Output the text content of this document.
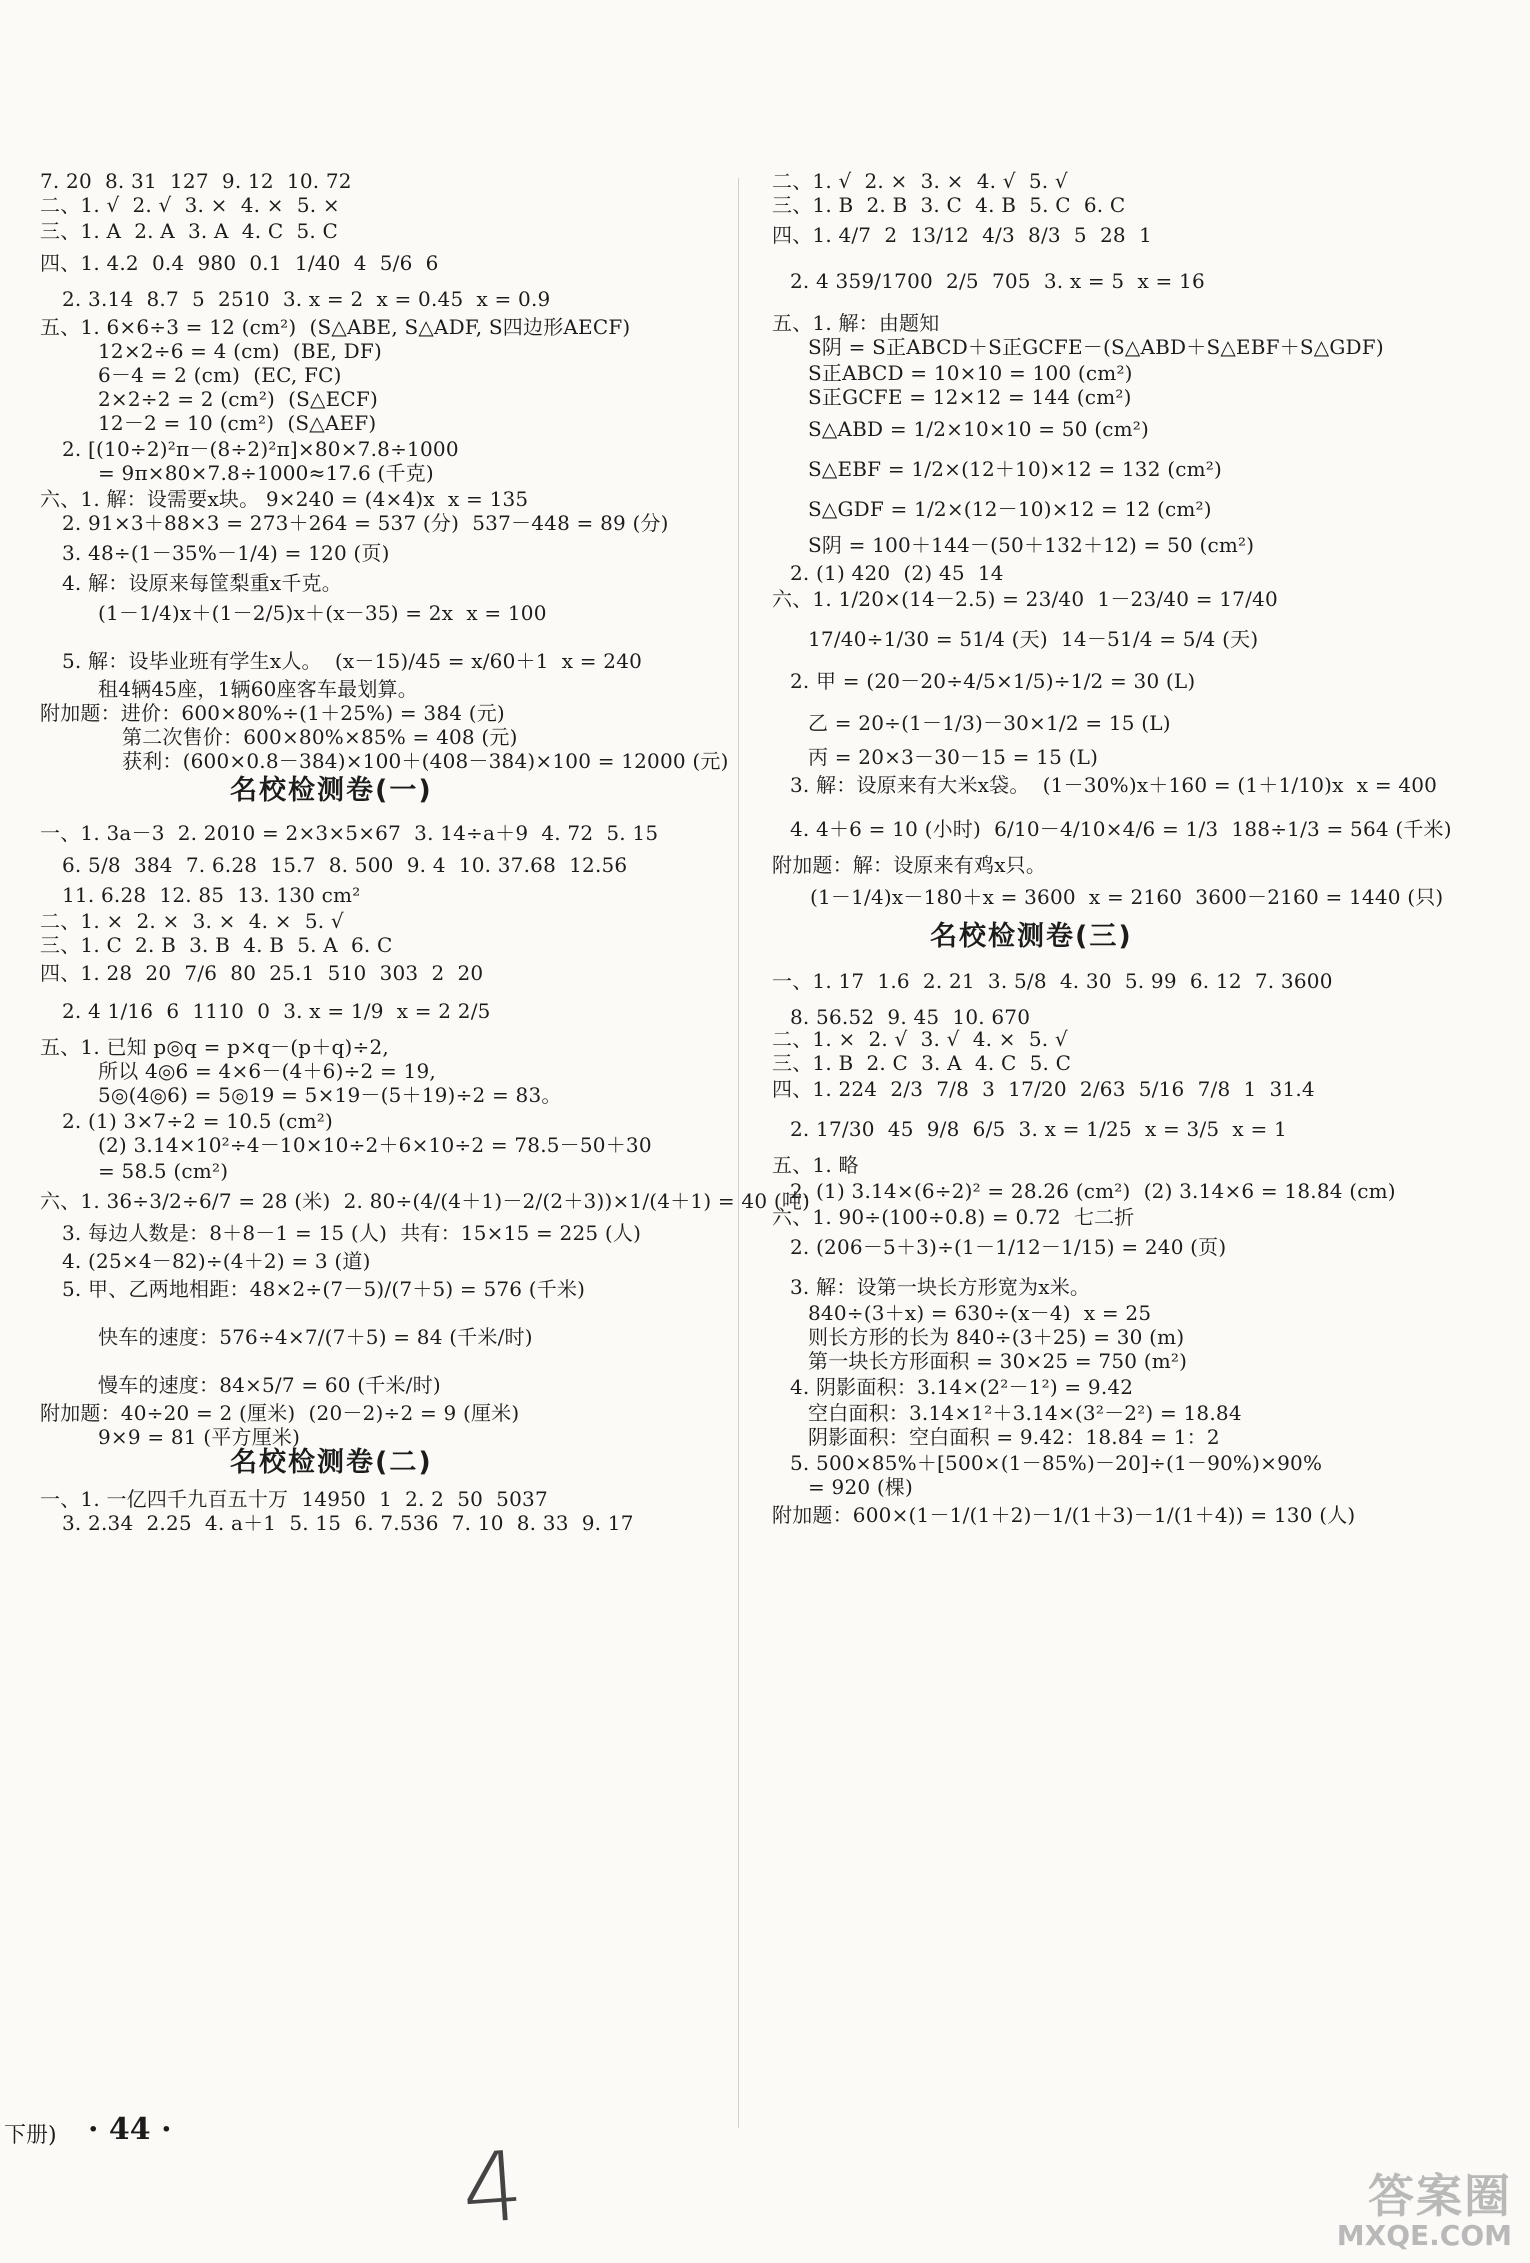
7. 20  8. 31  127  9. 12  10. 72
二、1. √  2. √  3. ×  4. ×  5. ×
三、1. A  2. A  3. A  4. C  5. C
四、1. 4.2  0.4  980  0.1  1/40  4  5/6  6
2. 3.14  8.7  5  2510  3. x = 2  x = 0.45  x = 0.9
五、1. 6×6÷3 = 12 (cm²)  (S△ABE, S△ADF, S四边形AECF)
12×2÷6 = 4 (cm)  (BE, DF)
6－4 = 2 (cm)  (EC, FC)
2×2÷2 = 2 (cm²)  (S△ECF)
12－2 = 10 (cm²)  (S△AEF)
2. [(10÷2)²π－(8÷2)²π]×80×7.8÷1000
= 9π×80×7.8÷1000≈17.6 (千克)
六、1. 解：设需要x块。 9×240 = (4×4)x  x = 135
2. 91×3＋88×3 = 273＋264 = 537 (分)  537－448 = 89 (分)
3. 48÷(1－35%－1/4) = 120 (页)
4. 解：设原来每筐梨重x千克。
(1－1/4)x＋(1－2/5)x＋(x－35) = 2x  x = 100
5. 解：设毕业班有学生x人。  (x－15)/45 = x/60＋1  x = 240
租4辆45座，1辆60座客车最划算。
附加题：进价：600×80%÷(1＋25%) = 384 (元)
第二次售价：600×80%×85% = 408 (元)
获利：(600×0.8－384)×100＋(408－384)×100 = 12000 (元)
名校检测卷(一)
一、1. 3a－3  2. 2010 = 2×3×5×67  3. 14÷a＋9  4. 72  5. 15
6. 5/8  384  7. 6.28  15.7  8. 500  9. 4  10. 37.68  12.56
11. 6.28  12. 85  13. 130 cm²
二、1. ×  2. ×  3. ×  4. ×  5. √
三、1. C  2. B  3. B  4. B  5. A  6. C
四、1. 28  20  7/6  80  25.1  510  303  2  20
2. 4 1/16  6  1110  0  3. x = 1/9  x = 2 2/5
五、1. 已知 p◎q = p×q－(p＋q)÷2,
所以 4◎6 = 4×6－(4＋6)÷2 = 19,
5◎(4◎6) = 5◎19 = 5×19－(5＋19)÷2 = 83。
2. (1) 3×7÷2 = 10.5 (cm²)
(2) 3.14×10²÷4－10×10÷2＋6×10÷2 = 78.5－50＋30
= 58.5 (cm²)
六、1. 36÷3/2÷6/7 = 28 (米)  2. 80÷(4/(4＋1)－2/(2＋3))×1/(4＋1) = 40 (吨)
3. 每边人数是：8＋8－1 = 15 (人)  共有：15×15 = 225 (人)
4. (25×4－82)÷(4＋2) = 3 (道)
5. 甲、乙两地相距：48×2÷(7－5)/(7＋5) = 576 (千米)
快车的速度：576÷4×7/(7＋5) = 84 (千米/时)
慢车的速度：84×5/7 = 60 (千米/时)
附加题：40÷20 = 2 (厘米)  (20－2)÷2 = 9 (厘米)
9×9 = 81 (平方厘米)
名校检测卷(二)
一、1. 一亿四千九百五十万  14950  1  2. 2  50  5037
3. 2.34  2.25  4. a＋1  5. 15  6. 7.536  7. 10  8. 33  9. 17
二、1. √  2. ×  3. ×  4. √  5. √
三、1. B  2. B  3. C  4. B  5. C  6. C
四、1. 4/7  2  13/12  4/3  8/3  5  28  1
2. 4 359/1700  2/5  705  3. x = 5  x = 16
五、1. 解：由题知
S阴 = S正ABCD＋S正GCFE－(S△ABD＋S△EBF＋S△GDF)
S正ABCD = 10×10 = 100 (cm²)
S正GCFE = 12×12 = 144 (cm²)
S△ABD = 1/2×10×10 = 50 (cm²)
S△EBF = 1/2×(12＋10)×12 = 132 (cm²)
S△GDF = 1/2×(12－10)×12 = 12 (cm²)
S阴 = 100＋144－(50＋132＋12) = 50 (cm²)
2. (1) 420  (2) 45  14
六、1. 1/20×(14－2.5) = 23/40  1－23/40 = 17/40
17/40÷1/30 = 51/4 (天)  14－51/4 = 5/4 (天)
2. 甲 = (20－20÷4/5×1/5)÷1/2 = 30 (L)
乙 = 20÷(1－1/3)－30×1/2 = 15 (L)
丙 = 20×3－30－15 = 15 (L)
3. 解：设原来有大米x袋。  (1－30%)x＋160 = (1＋1/10)x  x = 400
4. 4＋6 = 10 (小时)  6/10－4/10×4/6 = 1/3  188÷1/3 = 564 (千米)
附加题：解：设原来有鸡x只。
(1－1/4)x－180＋x = 3600  x = 2160  3600－2160 = 1440 (只)
名校检测卷(三)
一、1. 17  1.6  2. 21  3. 5/8  4. 30  5. 99  6. 12  7. 3600
8. 56.52  9. 45  10. 670
二、1. ×  2. √  3. √  4. ×  5. √
三、1. B  2. C  3. A  4. C  5. C
四、1. 224  2/3  7/8  3  17/20  2/63  5/16  7/8  1  31.4
2. 17/30  45  9/8  6/5  3. x = 1/25  x = 3/5  x = 1
五、1. 略
2. (1) 3.14×(6÷2)² = 28.26 (cm²)  (2) 3.14×6 = 18.84 (cm)
六、1. 90÷(100÷0.8) = 0.72  七二折
2. (206－5＋3)÷(1－1/12－1/15) = 240 (页)
3. 解：设第一块长方形宽为x米。
840÷(3＋x) = 630÷(x－4)  x = 25
则长方形的长为 840÷(3＋25) = 30 (m)
第一块长方形面积 = 30×25 = 750 (m²)
4. 阴影面积：3.14×(2²－1²) = 9.42
空白面积：3.14×1²＋3.14×(3²－2²) = 18.84
阴影面积：空白面积 = 9.42：18.84 = 1：2
5. 500×85%＋[500×(1－85%)－20]÷(1－90%)×90%
= 920 (棵)
附加题：600×(1－1/(1＋2)－1/(1＋3)－1/(1＋4)) = 130 (人)
下册) · 44 ·
4	答案圈
MXQE.COM
